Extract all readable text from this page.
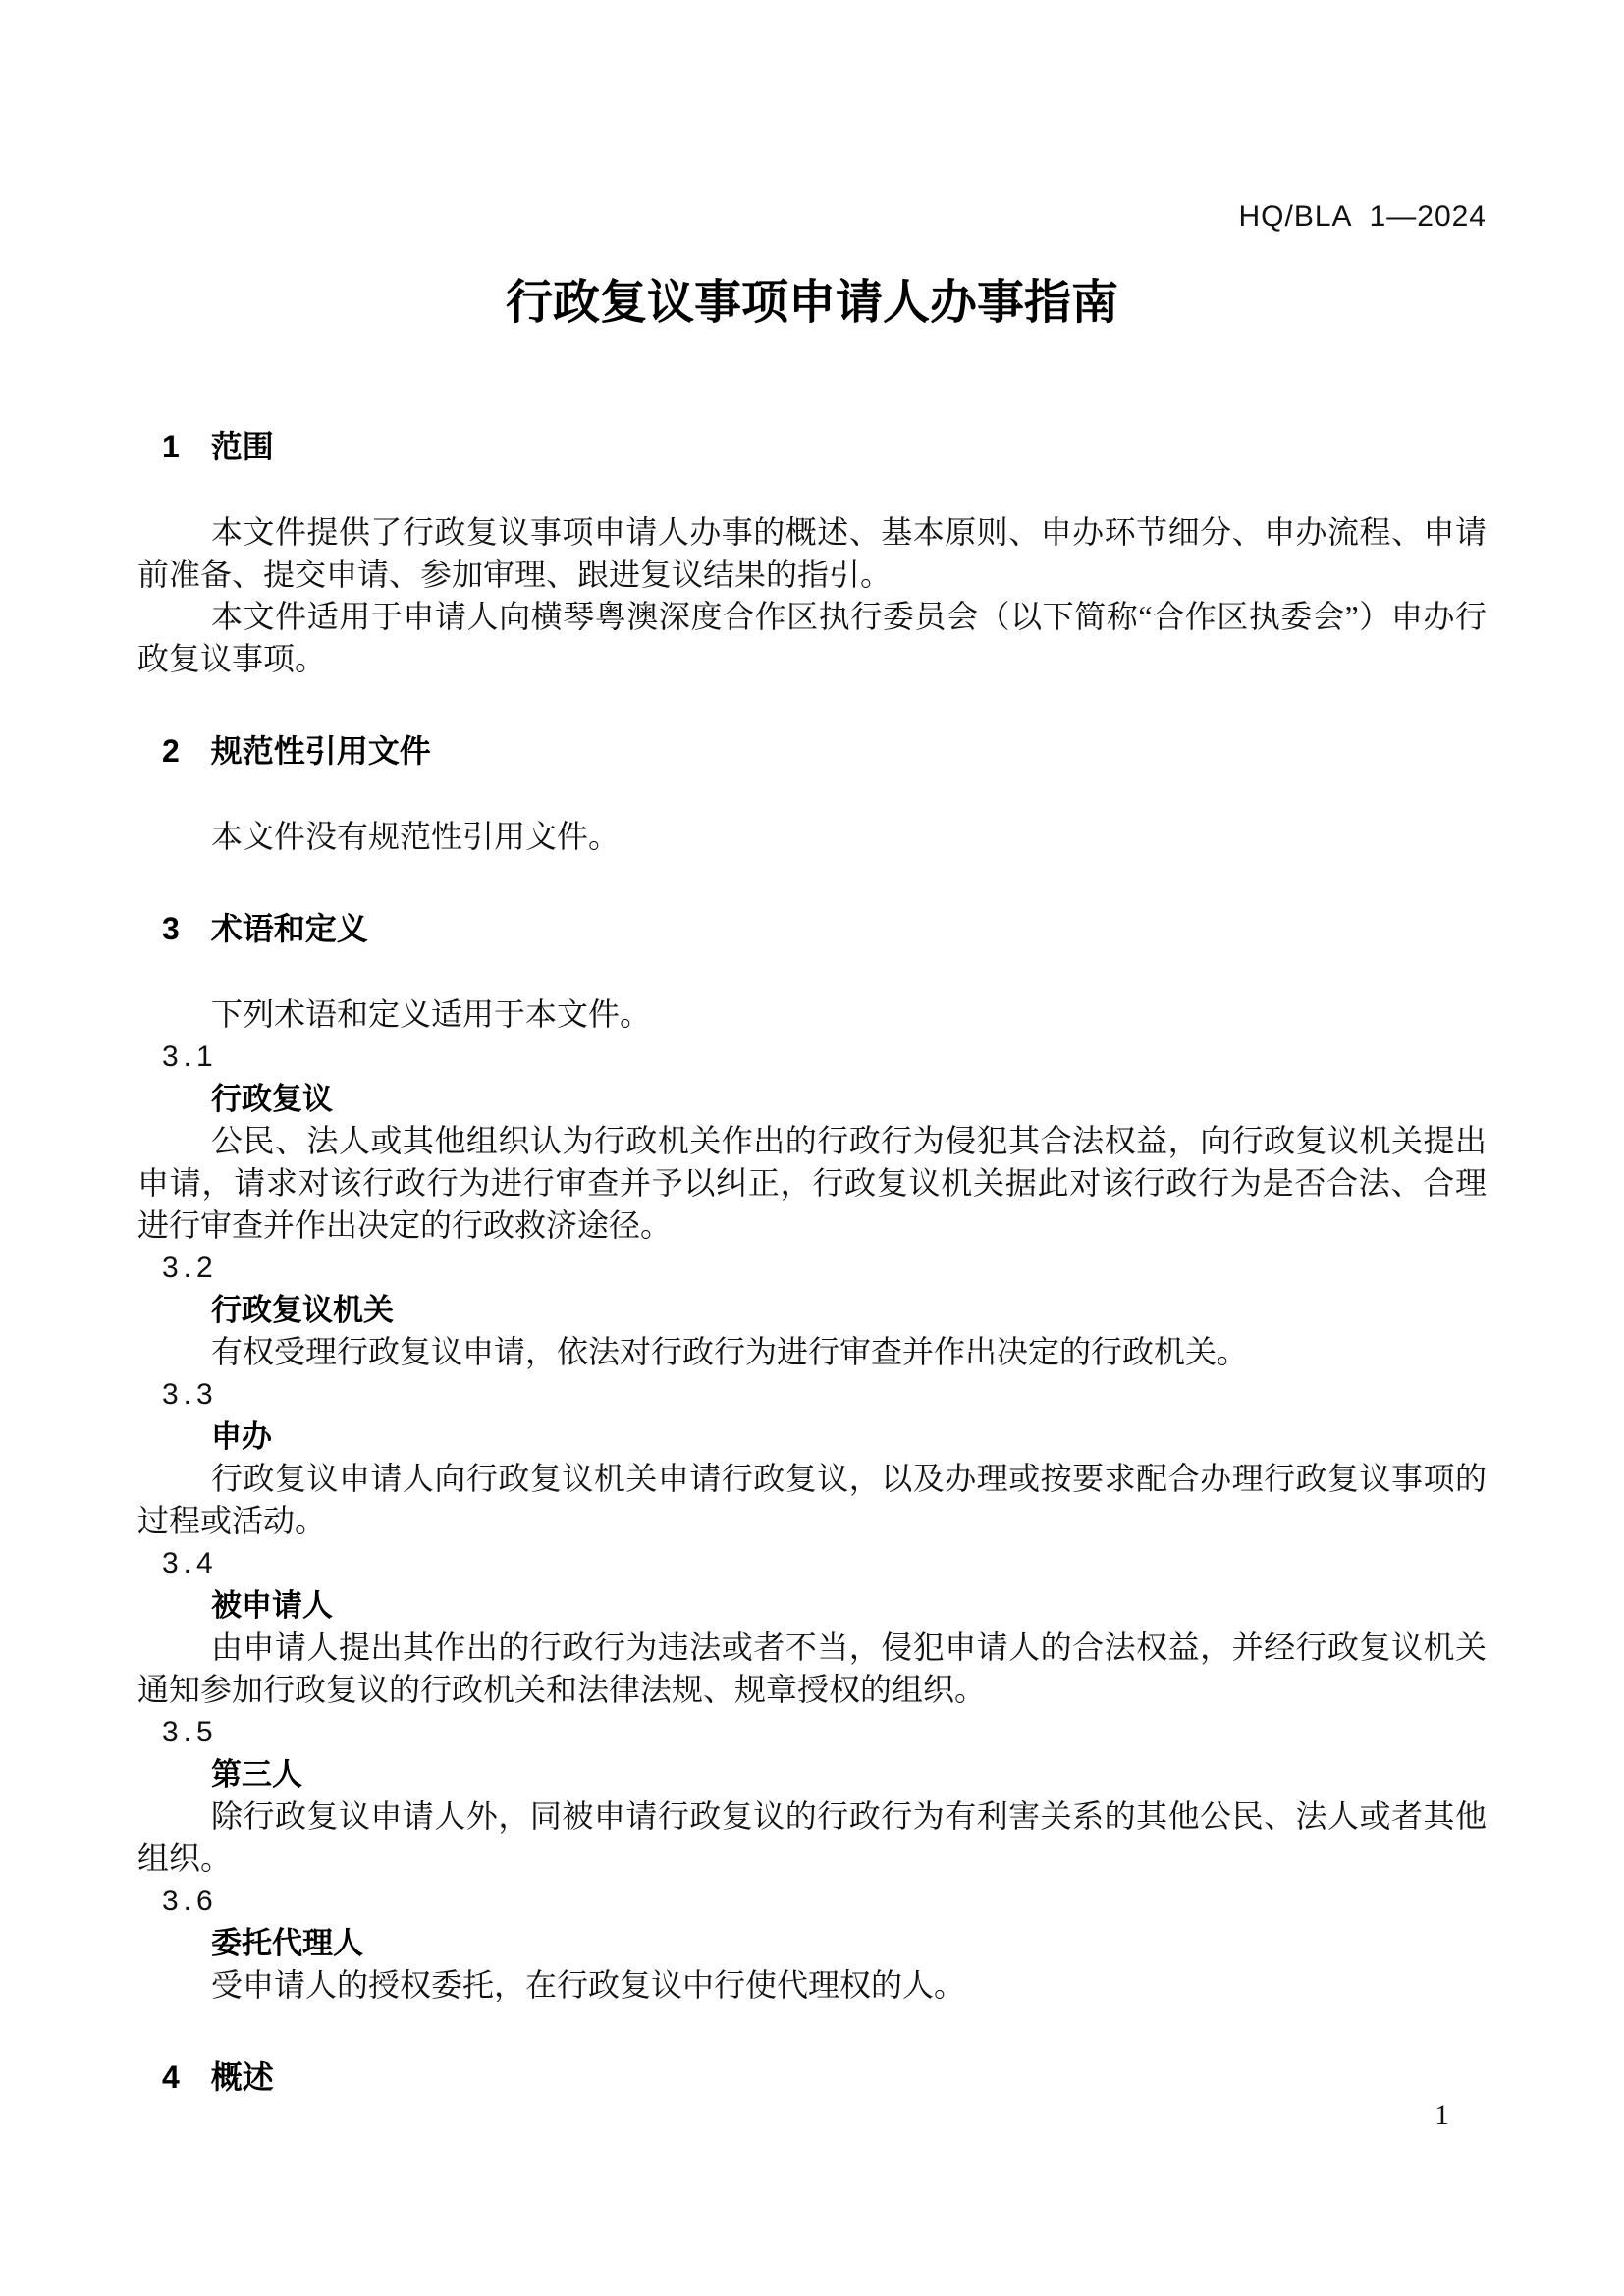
HQ/BLA  1—2024
行政复议事项申请人办事指南
1 范围

本文件提供了行政复议事项申请人办事的概述、基本原则、申办环节细分、申办流程、申请前准备、提交申请、参加审理、跟进复议结果的指引。

本文件适用于申请人向横琴粤澳深度合作区执行委员会（以下简称“合作区执委会”）申办行政复议事项。

2 规范性引用文件

本文件没有规范性引用文件。

3 术语和定义

下列术语和定义适用于本文件。

3.1
行政复议

公民、法人或其他组织认为行政机关作出的行政行为侵犯其合法权益，向行政复议机关提出申请，请求对该行政行为进行审查并予以纠正，行政复议机关据此对该行政行为是否合法、合理进行审查并作出决定的行政救济途径。

3.2
行政复议机关

有权受理行政复议申请，依法对行政行为进行审查并作出决定的行政机关。

3.3
申办

行政复议申请人向行政复议机关申请行政复议，以及办理或按要求配合办理行政复议事项的过程或活动。

3.4
被申请人

由申请人提出其作出的行政行为违法或者不当，侵犯申请人的合法权益，并经行政复议机关通知参加行政复议的行政机关和法律法规、规章授权的组织。

3.5
第三人

除行政复议申请人外，同被申请行政复议的行政行为有利害关系的其他公民、法人或者其他组织。

3.6
委托代理人

受申请人的授权委托，在行政复议中行使代理权的人。

4 概述
1
